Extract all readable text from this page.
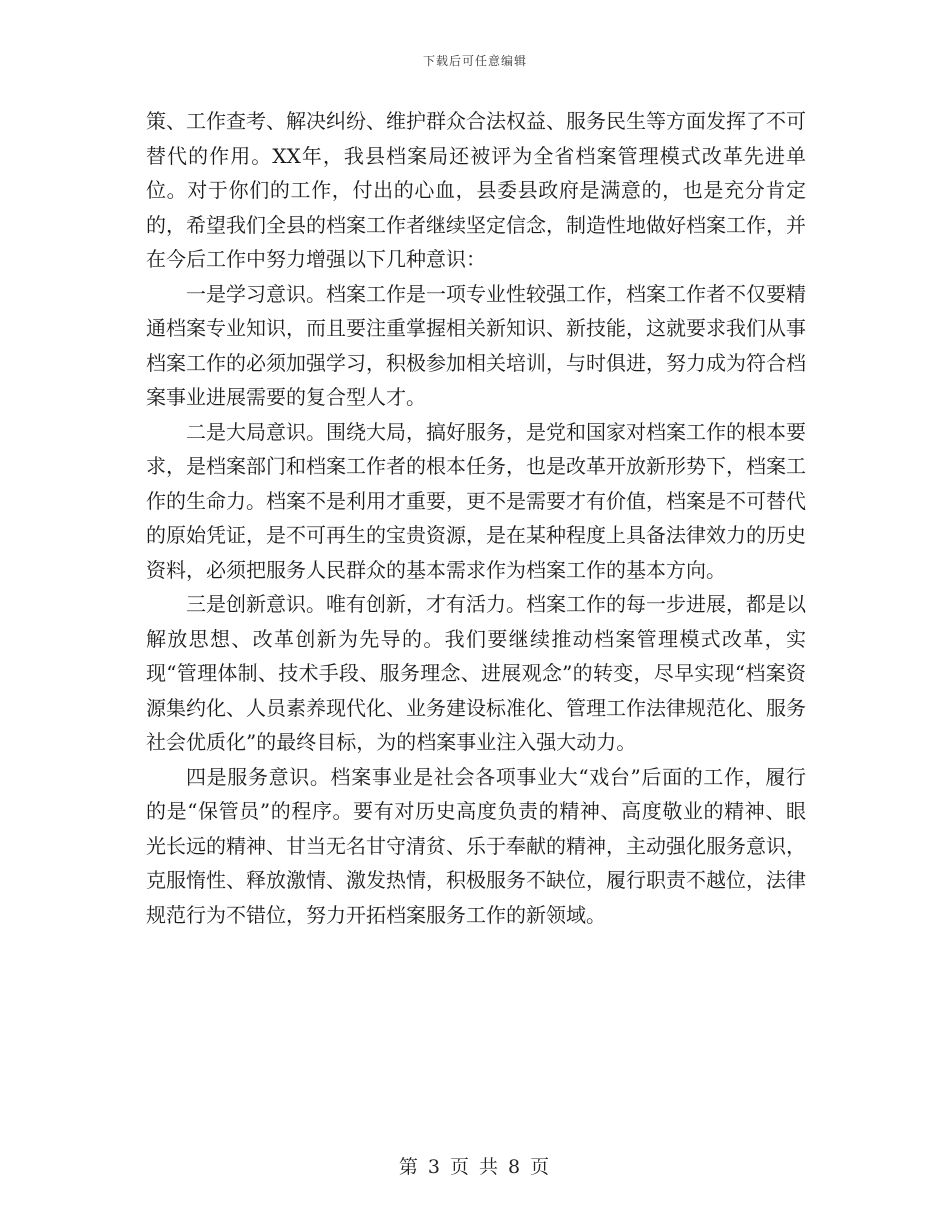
下载后可任意编辑

策、工作查考、解决纠纷、维护群众合法权益、服务民生等方面发挥了不可替代的作用。XX年，我县档案局还被评为全省档案管理模式改革先进单位。对于你们的工作，付出的心血，县委县政府是满意的，也是充分肯定的，希望我们全县的档案工作者继续坚定信念，制造性地做好档案工作，并在今后工作中努力增强以下几种意识：

一是学习意识。档案工作是一项专业性较强工作，档案工作者不仅要精通档案专业知识，而且要注重掌握相关新知识、新技能，这就要求我们从事档案工作的必须加强学习，积极参加相关培训，与时俱进，努力成为符合档案事业进展需要的复合型人才。

二是大局意识。围绕大局，搞好服务，是党和国家对档案工作的根本要求，是档案部门和档案工作者的根本任务，也是改革开放新形势下，档案工作的生命力。档案不是利用才重要，更不是需要才有价值，档案是不可替代的原始凭证，是不可再生的宝贵资源，是在某种程度上具备法律效力的历史资料，必须把服务人民群众的基本需求作为档案工作的基本方向。

三是创新意识。唯有创新，才有活力。档案工作的每一步进展，都是以解放思想、改革创新为先导的。我们要继续推动档案管理模式改革，实现“管理体制、技术手段、服务理念、进展观念”的转变，尽早实现“档案资源集约化、人员素养现代化、业务建设标准化、管理工作法律规范化、服务社会优质化”的最终目标，为的档案事业注入强大动力。

四是服务意识。档案事业是社会各项事业大“戏台”后面的工作，履行的是“保管员”的程序。要有对历史高度负责的精神、高度敬业的精神、眼光长远的精神、甘当无名甘守清贫、乐于奉献的精神，主动强化服务意识，克服惰性、释放激情、激发热情，积极服务不缺位，履行职责不越位，法律规范行为不错位，努力开拓档案服务工作的新领域。

第 3 页 共 8 页
